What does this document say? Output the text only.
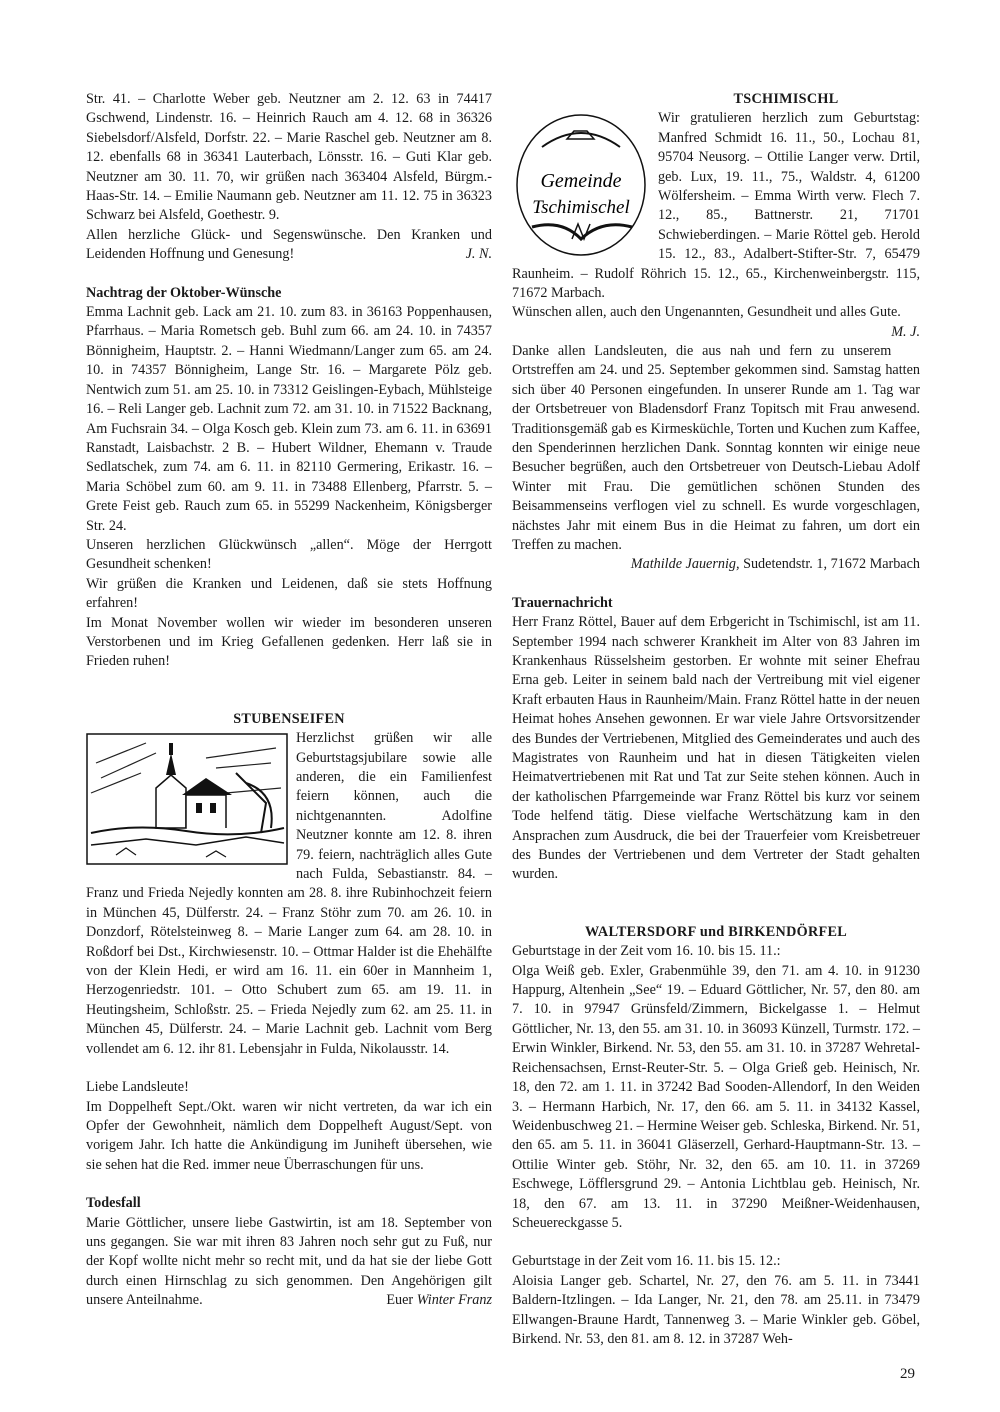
Str. 41. – Charlotte Weber geb. Neutzner am 2. 12. 63 in 74417 Gschwend, Lindenstr. 16. – Heinrich Rauch am 4. 12. 68 in 36326 Siebelsdorf/Alsfeld, Dorfstr. 22. – Marie Raschel geb. Neutzner am 8. 12. ebenfalls 68 in 36341 Lauterbach, Lönsstr. 16. – Guti Klar geb. Neutzner am 30. 11. 70, wir grüßen nach 363404 Alsfeld, Bürgm.-Haas-Str. 14. – Emilie Naumann geb. Neutzner am 11. 12. 75 in 36323 Schwarz bei Alsfeld, Goethestr. 9.

Allen herzliche Glück- und Segenswünsche. Den Kranken und Leidenden Hoffnung und Genesung!	J. N.

Nachtrag der Oktober-Wünsche

Emma Lachnit geb. Lack am 21. 10. zum 83. in 36163 Poppenhausen, Pfarrhaus. – Maria Rometsch geb. Buhl zum 66. am 24. 10. in 74357 Bönnigheim, Hauptstr. 2. – Hanni Wiedmann/Langer zum 65. am 24. 10. in 74357 Bönnigheim, Lange Str. 16. – Margarete Pölz geb. Nentwich zum 51. am 25. 10. in 73312 Geislingen-Eybach, Mühlsteige 16. – Reli Langer geb. Lachnit zum 72. am 31. 10. in 71522 Backnang, Am Fuchsrain 34. – Olga Kosch geb. Klein zum 73. am 6. 11. in 63691 Ranstadt, Laisbachstr. 2 B. – Hubert Wildner, Ehemann v. Traude Sedlatschek, zum 74. am 6. 11. in 82110 Germering, Erikastr. 16. – Maria Schöbel zum 60. am 9. 11. in 73488 Ellenberg, Pfarrstr. 5. – Grete Feist geb. Rauch zum 65. in 55299 Nackenheim, Königsberger Str. 24.

Unseren herzlichen Glückwünsch „allen“. Möge der Herrgott Gesundheit schenken!

Wir grüßen die Kranken und Leidenen, daß sie stets Hoffnung erfahren!

Im Monat November wollen wir wieder im besonderen unseren Verstorbenen und im Krieg Gefallenen gedenken. Herr laß sie in Frieden ruhen!

STUBENSEIFEN

Herzlichst grüßen wir alle Geburtstagsjubilare sowie alle anderen, die ein Familienfest feiern können, auch die nichtgenannten. Adolfine Neutzner konnte am 12. 8. ihren 79. feiern, nachträglich alles Gute nach Fulda, Sebastianstr. 84. – Franz und Frieda Nejedly konnten am 28. 8. ihre Rubinhochzeit feiern in München 45, Dülferstr. 24. – Franz Stöhr zum 70. am 26. 10. in Donzdorf, Rötelsteinweg 8. – Marie Langer zum 64. am 28. 10. in Roßdorf bei Dst., Kirchwiesenstr. 10. – Ottmar Halder ist die Ehehälfte von der Klein Hedi, er wird am 16. 11. ein 60er in Mannheim 1, Herzogenriedstr. 101. – Otto Schubert zum 65. am 19. 11. in Heutingsheim, Schloßstr. 25. – Frieda Nejedly zum 62. am 25. 11. in München 45, Dülferstr. 24. – Marie Lachnit geb. Lachnit vom Berg vollendet am 6. 12. ihr 81. Lebensjahr in Fulda, Nikolausstr. 14.

Liebe Landsleute!

Im Doppelheft Sept./Okt. waren wir nicht vertreten, da war ich ein Opfer der Gewohnheit, nämlich dem Doppelheft August/Sept. von vorigem Jahr. Ich hatte die Ankündigung im Juniheft übersehen, wie sie sehen hat die Red. immer neue Überraschungen für uns.

Todesfall

Marie Göttlicher, unsere liebe Gastwirtin, ist am 18. September von uns gegangen. Sie war mit ihren 83 Jahren noch sehr gut zu Fuß, nur der Kopf wollte nicht mehr so recht mit, und da hat sie der liebe Gott durch einen Hirnschlag zu sich genommen. Den Angehörigen gilt unsere Anteilnahme.	Euer Winter Franz

TSCHIMISCHL

Gemeinde
Tschimischel

Wir gratulieren herzlich zum Geburtstag: Manfred Schmidt 16. 11., 50., Lochau 81, 95704 Neusorg. – Ottilie Langer verw. Drtil, geb. Lux, 19. 11., 75., Waldstr. 4, 61200 Wölfersheim. – Emma Wirth verw. Flech 7. 12., 85., Battnerstr. 21, 71701 Schwieberdingen. – Marie Röttel geb. Herold 15. 12., 83., Adalbert-Stifter-Str. 7, 65479 Raunheim. – Rudolf Röhrich 15. 12., 65., Kirchenweinbergstr. 115, 71672 Marbach.

Wünschen allen, auch den Ungenannten, Gesundheit und alles Gute.
M. J.

Danke allen Landsleuten, die aus nah und fern zu unserem Ortstreffen am 24. und 25. September gekommen sind. Samstag hatten sich über 40 Personen eingefunden. In unserer Runde am 1. Tag war der Ortsbetreuer von Bladensdorf Franz Topitsch mit Frau anwesend. Traditionsgemäß gab es Kirmesküchle, Torten und Kuchen zum Kaffee, den Spenderinnen herzlichen Dank. Sonntag konnten wir einige neue Besucher begrüßen, auch den Ortsbetreuer von Deutsch-Liebau Adolf Winter mit Frau. Die gemütlichen schönen Stunden des Beisammenseins verflogen viel zu schnell. Es wurde vorgeschlagen, nächstes Jahr mit einem Bus in die Heimat zu fahren, um dort ein Treffen zu machen.

Mathilde Jauernig, Sudetendstr. 1, 71672 Marbach

Trauernachricht

Herr Franz Röttel, Bauer auf dem Erbgericht in Tschimischl, ist am 11. September 1994 nach schwerer Krankheit im Alter von 83 Jahren im Krankenhaus Rüsselsheim gestorben. Er wohnte mit seiner Ehefrau Erna geb. Leiter in seinem bald nach der Vertreibung mit viel eigener Kraft erbauten Haus in Raunheim/Main. Franz Röttel hatte in der neuen Heimat hohes Ansehen gewonnen. Er war viele Jahre Ortsvorsitzender des Bundes der Vertriebenen, Mitglied des Gemeinderates und auch des Magistrates von Raunheim und hat in diesen Tätigkeiten vielen Heimatvertriebenen mit Rat und Tat zur Seite stehen können. Auch in der katholischen Pfarrgemeinde war Franz Röttel bis kurz vor seinem Tode helfend tätig. Diese vielfache Wertschätzung kam in den Ansprachen zum Ausdruck, die bei der Trauerfeier vom Kreisbetreuer des Bundes der Vertriebenen und dem Vertreter der Stadt gehalten wurden.

WALTERSDORF und BIRKENDÖRFEL

Geburtstage in der Zeit vom 16. 10. bis 15. 11.:

Olga Weiß geb. Exler, Grabenmühle 39, den 71. am 4. 10. in 91230 Happurg, Altenhein „See“ 19. – Eduard Göttlicher, Nr. 57, den 80. am 7. 10. in 97947 Grünsfeld/Zimmern, Bickelgasse 1. – Helmut Göttlicher, Nr. 13, den 55. am 31. 10. in 36093 Künzell, Turmstr. 172. – Erwin Winkler, Birkend. Nr. 53, den 55. am 31. 10. in 37287 Wehretal-Reichensachsen, Ernst-Reuter-Str. 5. – Olga Grieß geb. Heinisch, Nr. 18, den 72. am 1. 11. in 37242 Bad Sooden-Allendorf, In den Weiden 3. – Hermann Harbich, Nr. 17, den 66. am 5. 11. in 34132 Kassel, Weidenbuschweg 21. – Hermine Weiser geb. Schleska, Birkend. Nr. 51, den 65. am 5. 11. in 36041 Gläserzell, Gerhard-Hauptmann-Str. 13. – Ottilie Winter geb. Stöhr, Nr. 32, den 65. am 10. 11. in 37269 Eschwege, Löfflersgrund 29. – Antonia Lichtblau geb. Heinisch, Nr. 18, den 67. am 13. 11. in 37290 Meißner-Weidenhausen, Scheuereckgasse 5.

Geburtstage in der Zeit vom 16. 11. bis 15. 12.:

Aloisia Langer geb. Schartel, Nr. 27, den 76. am 5. 11. in 73441 Baldern-Itzlingen. – Ida Langer, Nr. 21, den 78. am 25.11. in 73479 Ellwangen-Braune Hardt, Tannenweg 3. – Marie Winkler geb. Göbel, Birkend. Nr. 53, den 81. am 8. 12. in 37287 Weh-

29
